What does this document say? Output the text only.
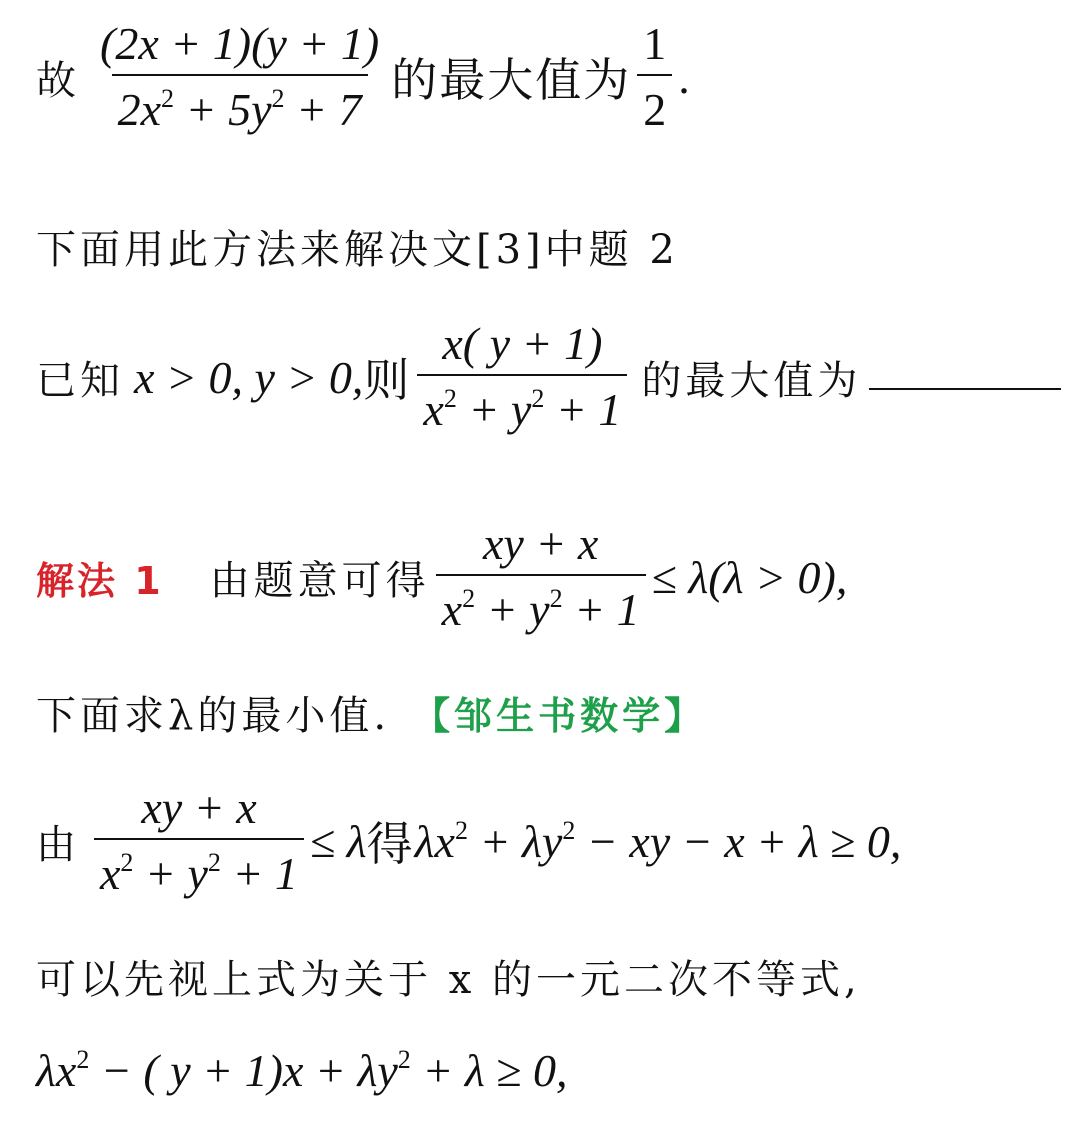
故 $\frac{(2x + 1)(y + 1)}{2x^2 + 5y^2 + 7}$ 的最大值为 $\frac{1}{2}$ .
下面用此方法来解决文[3]中题 2
已知 x > 0, y > 0, 则 $\frac{x( y + 1)}{x^2 + y^2 + 1}$ 的最大值为
解法 1 由题意可得 $\frac{xy + x}{x^2 + y^2 + 1} \le \lambda(\lambda > 0)$,
下面求λ的最小值. 【邹生书数学】
由 $\frac{xy + x}{x^2 + y^2 + 1} \le \lambda$ 得 $\lambda x^2 + \lambda y^2$ − xy − x + λ ≥ 0,
可以先视上式为关于 x 的一元二次不等式,
$\lambda x^2$ − ( $y + 1)x + \lambda y^2 + \lambda \ge 0$,
